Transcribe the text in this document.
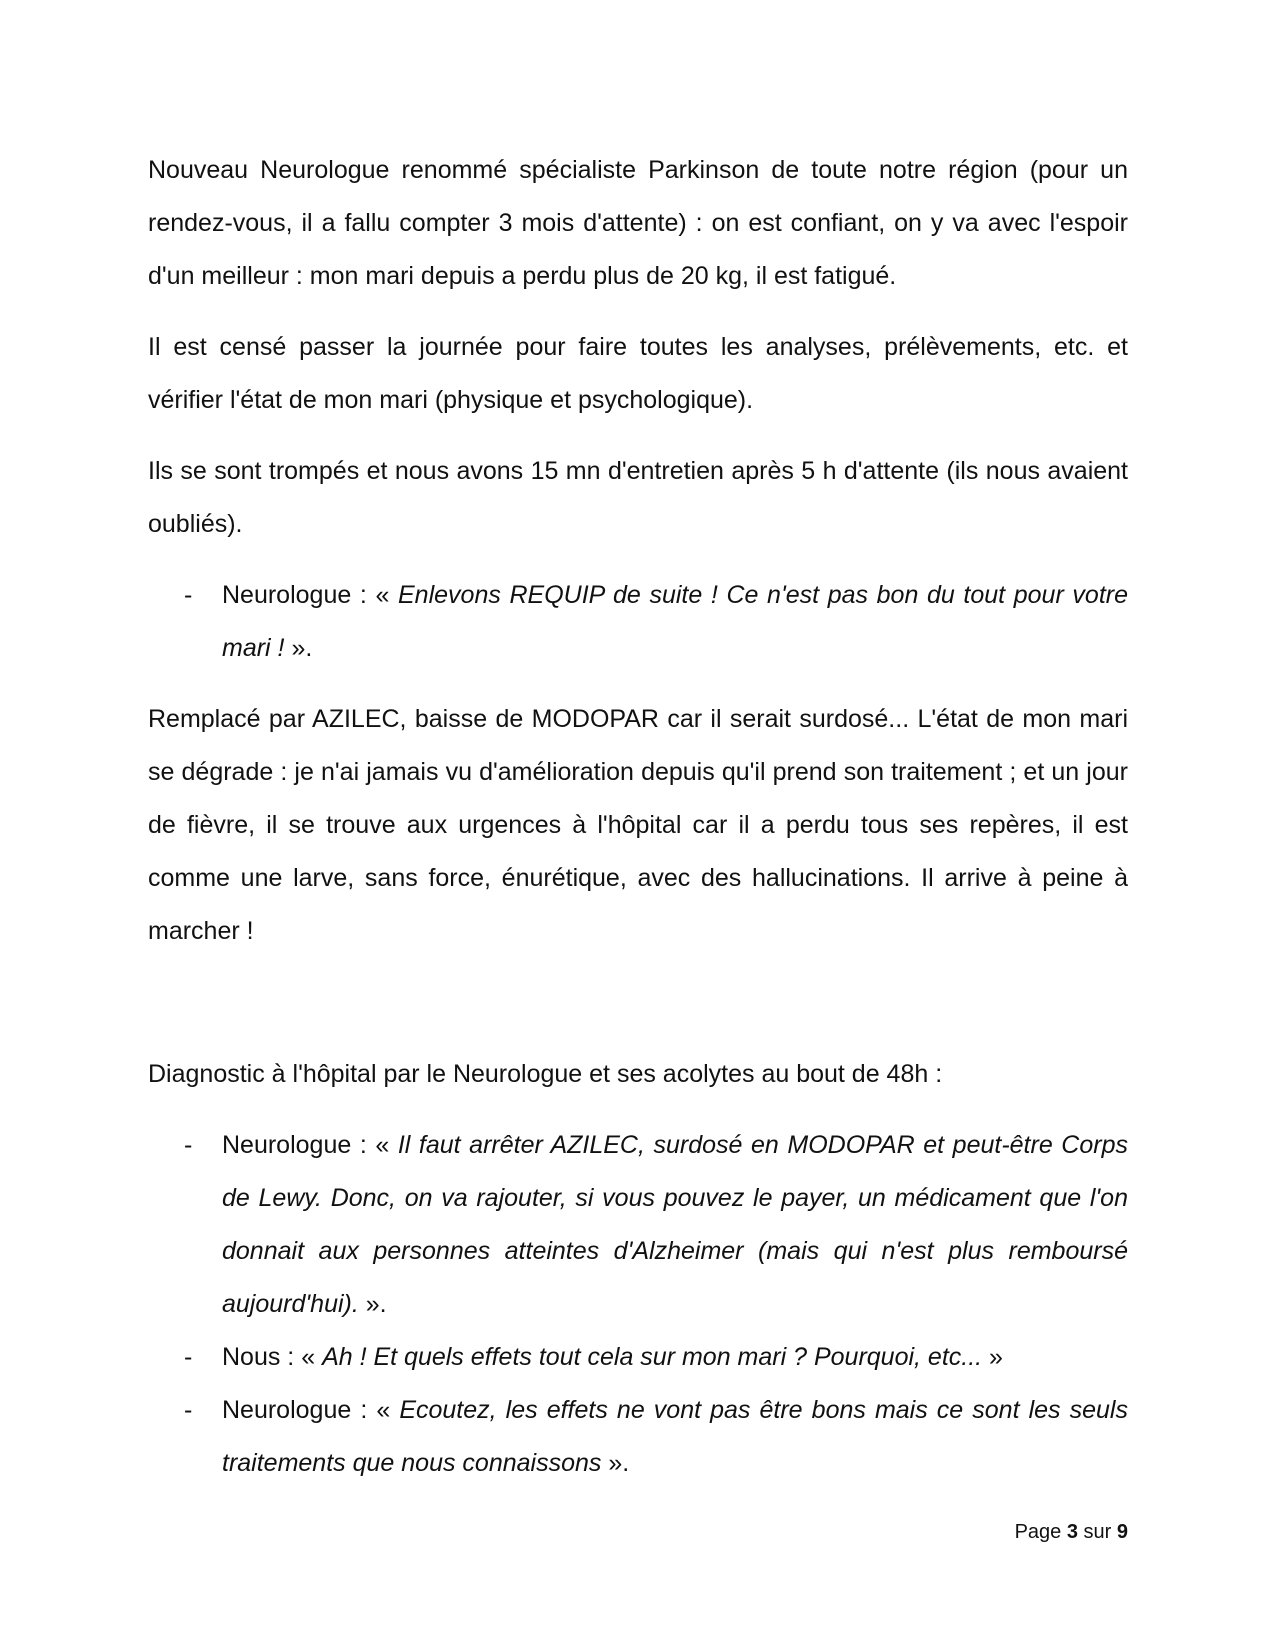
Nouveau Neurologue renommé spécialiste Parkinson de toute notre région (pour un rendez-vous, il a fallu compter 3 mois d'attente) : on est confiant, on y va avec l'espoir d'un meilleur : mon mari depuis a perdu plus de 20 kg, il est fatigué.

Il est censé passer la journée pour faire toutes les analyses, prélèvements, etc. et vérifier l'état de mon mari (physique et psychologique).

Ils se sont trompés et nous avons 15 mn d'entretien après 5 h d'attente (ils nous avaient oubliés).

- Neurologue : « Enlevons REQUIP de suite ! Ce n'est pas bon du tout pour votre mari ! ».

Remplacé par AZILEC, baisse de MODOPAR car il serait surdosé... L'état de mon mari se dégrade : je n'ai jamais vu d'amélioration depuis qu'il prend son traitement ; et un jour de fièvre, il se trouve aux urgences à l'hôpital car il a perdu tous ses repères, il est comme une larve, sans force, énurétique, avec des hallucinations. Il arrive à peine à marcher !

Diagnostic à l'hôpital par le Neurologue et ses acolytes au bout de 48h :

- Neurologue : « Il faut arrêter AZILEC, surdosé en MODOPAR et peut-être Corps de Lewy. Donc, on va rajouter, si vous pouvez le payer, un médicament que l'on donnait aux personnes atteintes d'Alzheimer (mais qui n'est plus remboursé aujourd'hui). ».
- Nous : « Ah ! Et quels effets tout cela sur mon mari ? Pourquoi, etc... »
- Neurologue : « Ecoutez, les effets ne vont pas être bons mais ce sont les seuls traitements que nous connaissons ».
Page 3 sur 9
